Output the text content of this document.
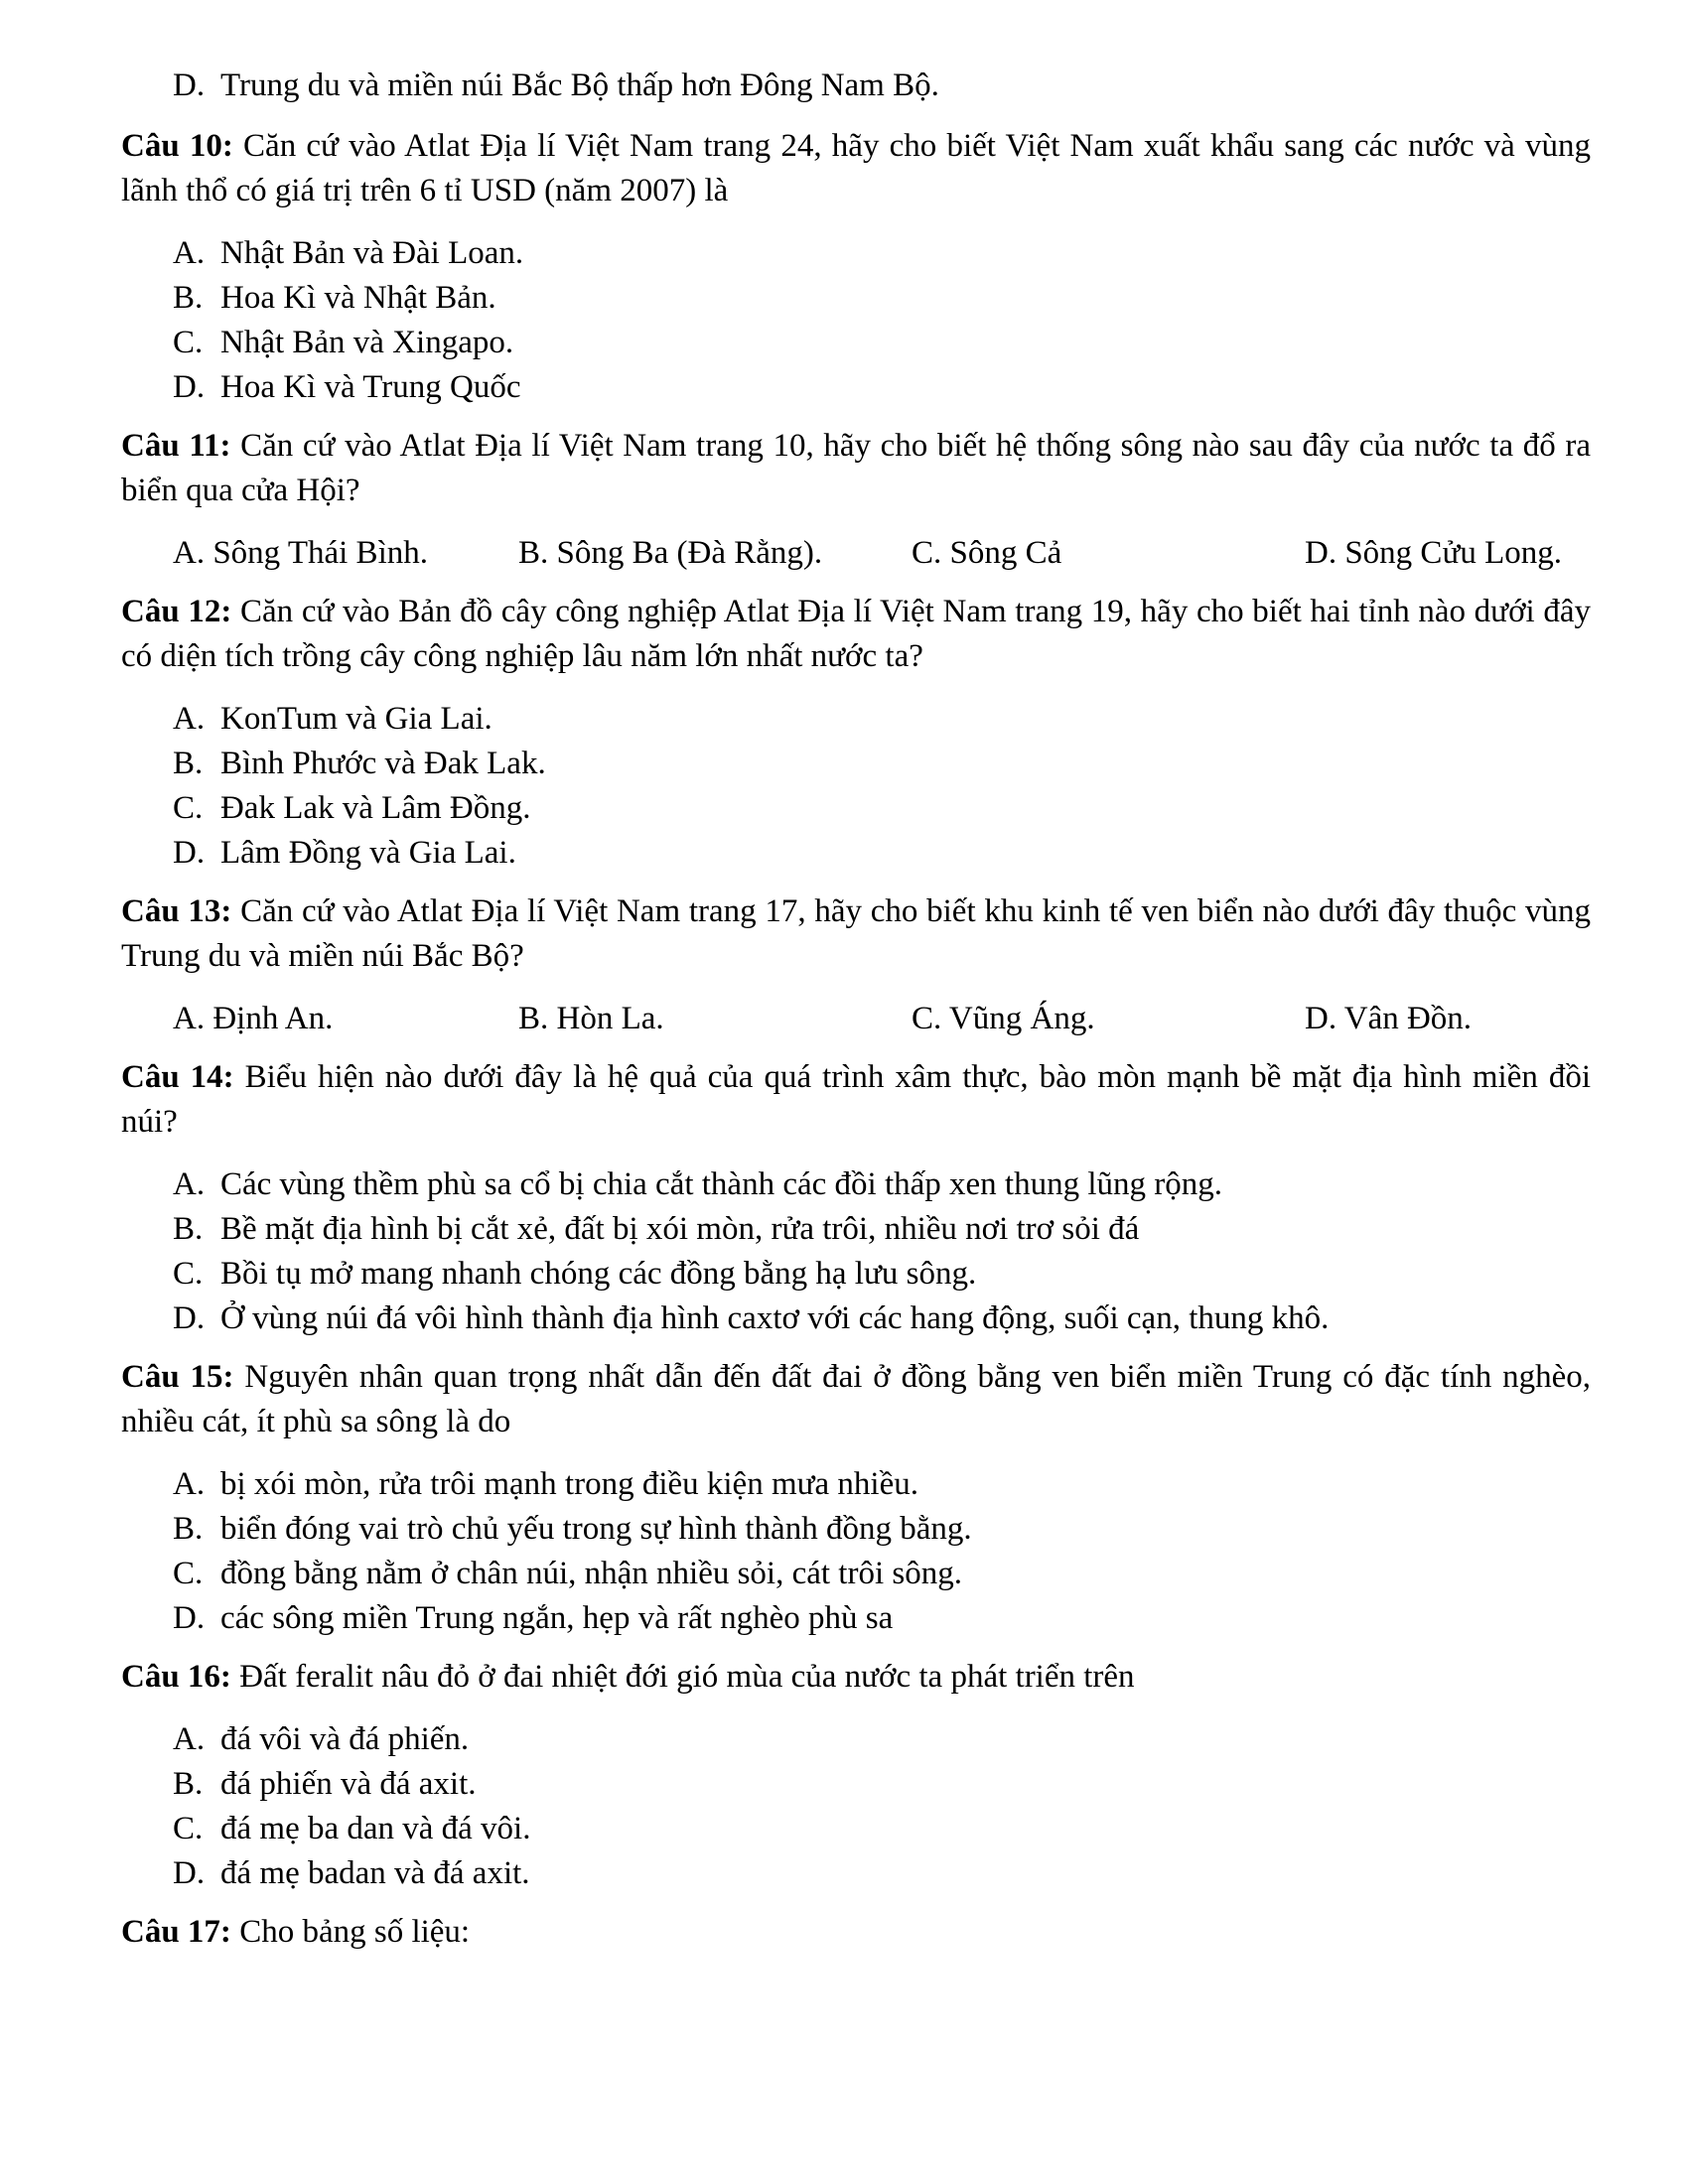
D. Trung du và miền núi Bắc Bộ thấp hơn Đông Nam Bộ.
Câu 10: Căn cứ vào Atlat Địa lí Việt Nam trang 24, hãy cho biết Việt Nam xuất khẩu sang các nước và vùng lãnh thổ có giá trị trên 6 tỉ USD (năm 2007) là
A. Nhật Bản và Đài Loan.
B. Hoa Kì và Nhật Bản.
C. Nhật Bản và Xingapo.
D. Hoa Kì và Trung Quốc
Câu 11: Căn cứ vào Atlat Địa lí Việt Nam trang 10, hãy cho biết hệ thống sông nào sau đây của nước ta đổ ra biển qua cửa Hội?
A. Sông Thái Bình.	B. Sông Ba (Đà Rằng).	C. Sông Cả	D. Sông Cửu Long.
Câu 12: Căn cứ vào Bản đồ cây công nghiệp Atlat Địa lí Việt Nam trang 19, hãy cho biết hai tỉnh nào dưới đây có diện tích trồng cây công nghiệp lâu năm lớn nhất nước ta?
A. KonTum và Gia Lai.
B. Bình Phước và Đak Lak.
C. Đak Lak và Lâm Đồng.
D. Lâm Đồng và Gia Lai.
Câu 13: Căn cứ vào Atlat Địa lí Việt Nam trang 17, hãy cho biết khu kinh tế ven biển nào dưới đây thuộc vùng Trung du và miền núi Bắc Bộ?
A. Định An.	B. Hòn La.	C. Vũng Áng.	D. Vân Đồn.
Câu 14: Biểu hiện nào dưới đây là hệ quả của quá trình xâm thực, bào mòn mạnh bề mặt địa hình miền đồi núi?
A. Các vùng thềm phù sa cổ bị chia cắt thành các đồi thấp xen thung lũng rộng.
B. Bề mặt địa hình bị cắt xẻ, đất bị xói mòn, rửa trôi, nhiều nơi trơ sỏi đá
C. Bồi tụ mở mang nhanh chóng các đồng bằng hạ lưu sông.
D. Ở vùng núi đá vôi hình thành địa hình caxtơ với các hang động, suối cạn, thung khô.
Câu 15: Nguyên nhân quan trọng nhất dẫn đến đất đai ở đồng bằng ven biển miền Trung có đặc tính nghèo, nhiều cát, ít phù sa sông là do
A. bị xói mòn, rửa trôi mạnh trong điều kiện mưa nhiều.
B. biển đóng vai trò chủ yếu trong sự hình thành đồng bằng.
C. đồng bằng nằm ở chân núi, nhận nhiều sỏi, cát trôi sông.
D. các sông miền Trung ngắn, hẹp và rất nghèo phù sa
Câu 16: Đất feralit nâu đỏ ở đai nhiệt đới gió mùa của nước ta phát triển trên
A. đá vôi và đá phiến.
B. đá phiến và đá axit.
C. đá mẹ ba dan và đá vôi.
D. đá mẹ badan và đá axit.
Câu 17: Cho bảng số liệu:
